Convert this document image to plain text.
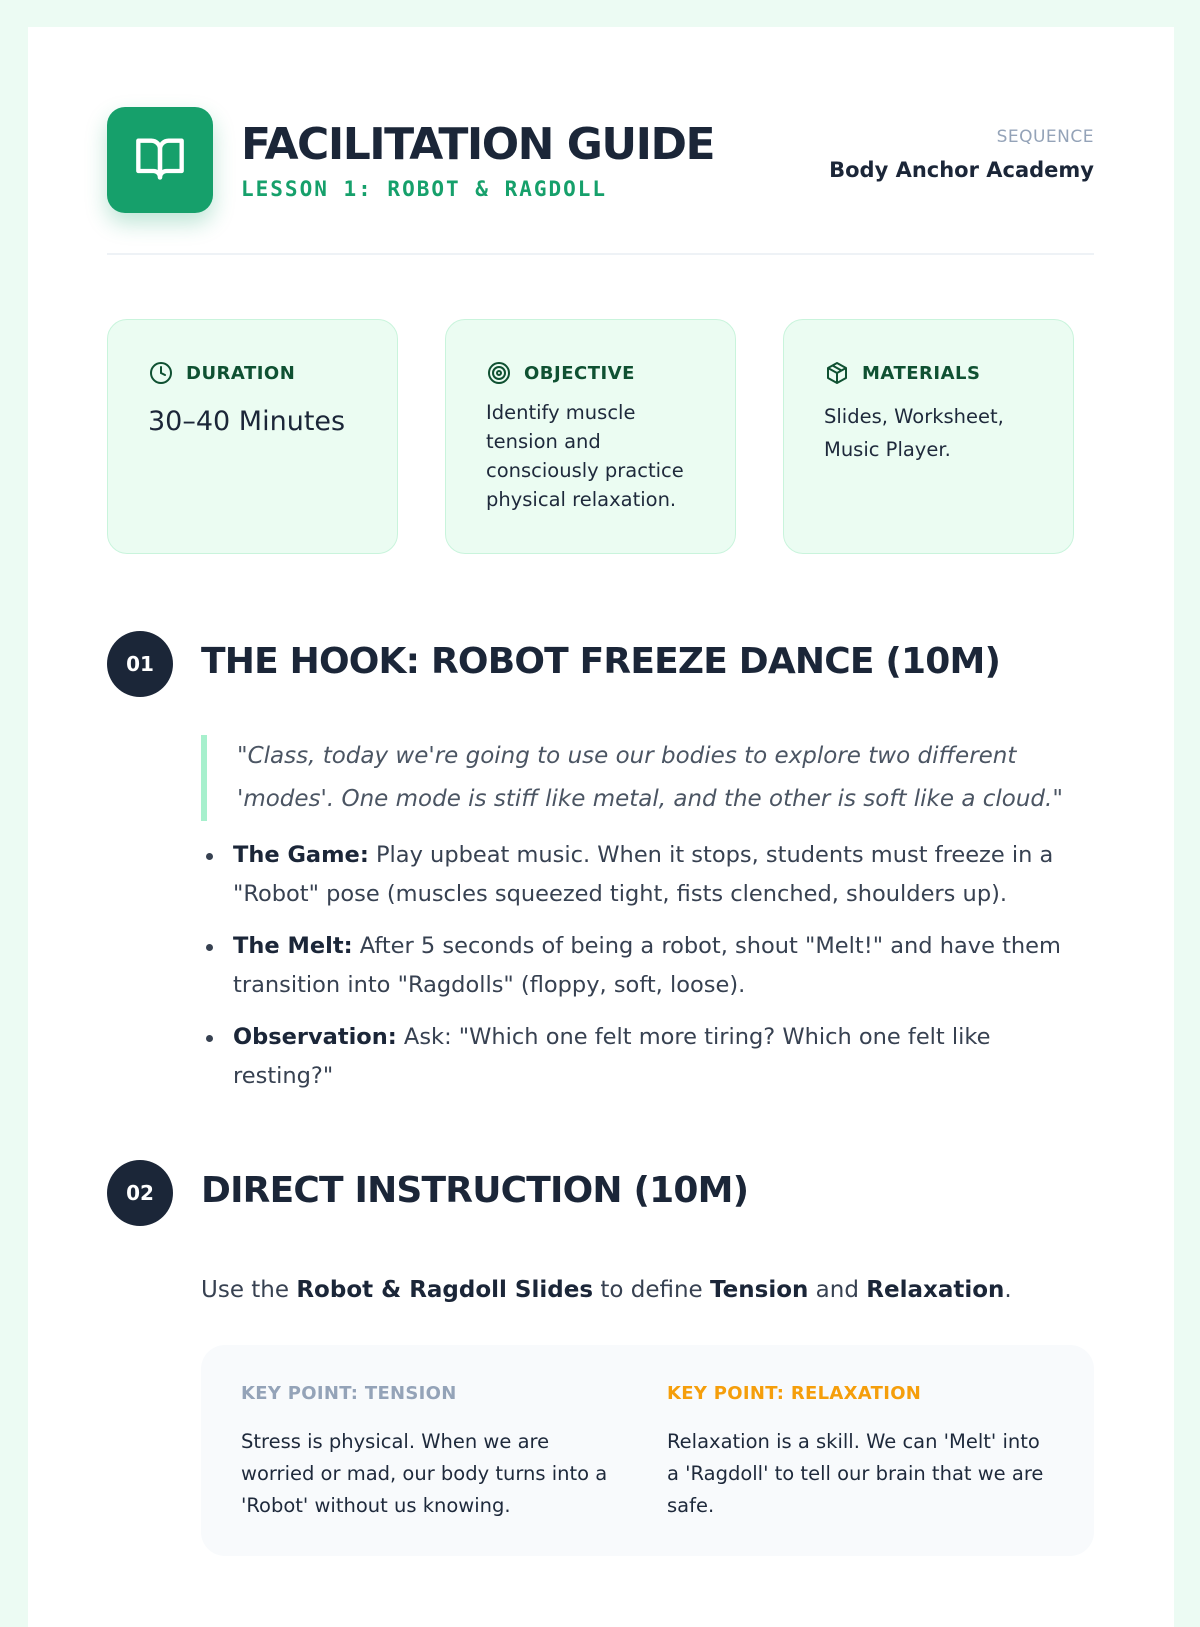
FACILITATION GUIDE
LESSON 1: ROBOT & RAGDOLL
SEQUENCE
Body Anchor Academy
DURATION
30–40 Minutes
OBJECTIVE
Identify muscle tension and consciously practice physical relaxation.
MATERIALS
Slides, Worksheet, Music Player.
01	THE HOOK: ROBOT FREEZE DANCE (10M)
"Class, today we're going to use our bodies to explore two different 'modes'. One mode is stiff like metal, and the other is soft like a cloud."
The Game: Play upbeat music. When it stops, students must freeze in a "Robot" pose (muscles squeezed tight, fists clenched, shoulders up).
The Melt: After 5 seconds of being a robot, shout "Melt!" and have them transition into "Ragdolls" (floppy, soft, loose).
Observation: Ask: "Which one felt more tiring? Which one felt like resting?"
02	DIRECT INSTRUCTION (10M)
Use the Robot & Ragdoll Slides to define Tension and Relaxation.
KEY POINT: TENSION
Stress is physical. When we are worried or mad, our body turns into a 'Robot' without us knowing.
KEY POINT: RELAXATION
Relaxation is a skill. We can 'Melt' into a 'Ragdoll' to tell our brain that we are safe.
